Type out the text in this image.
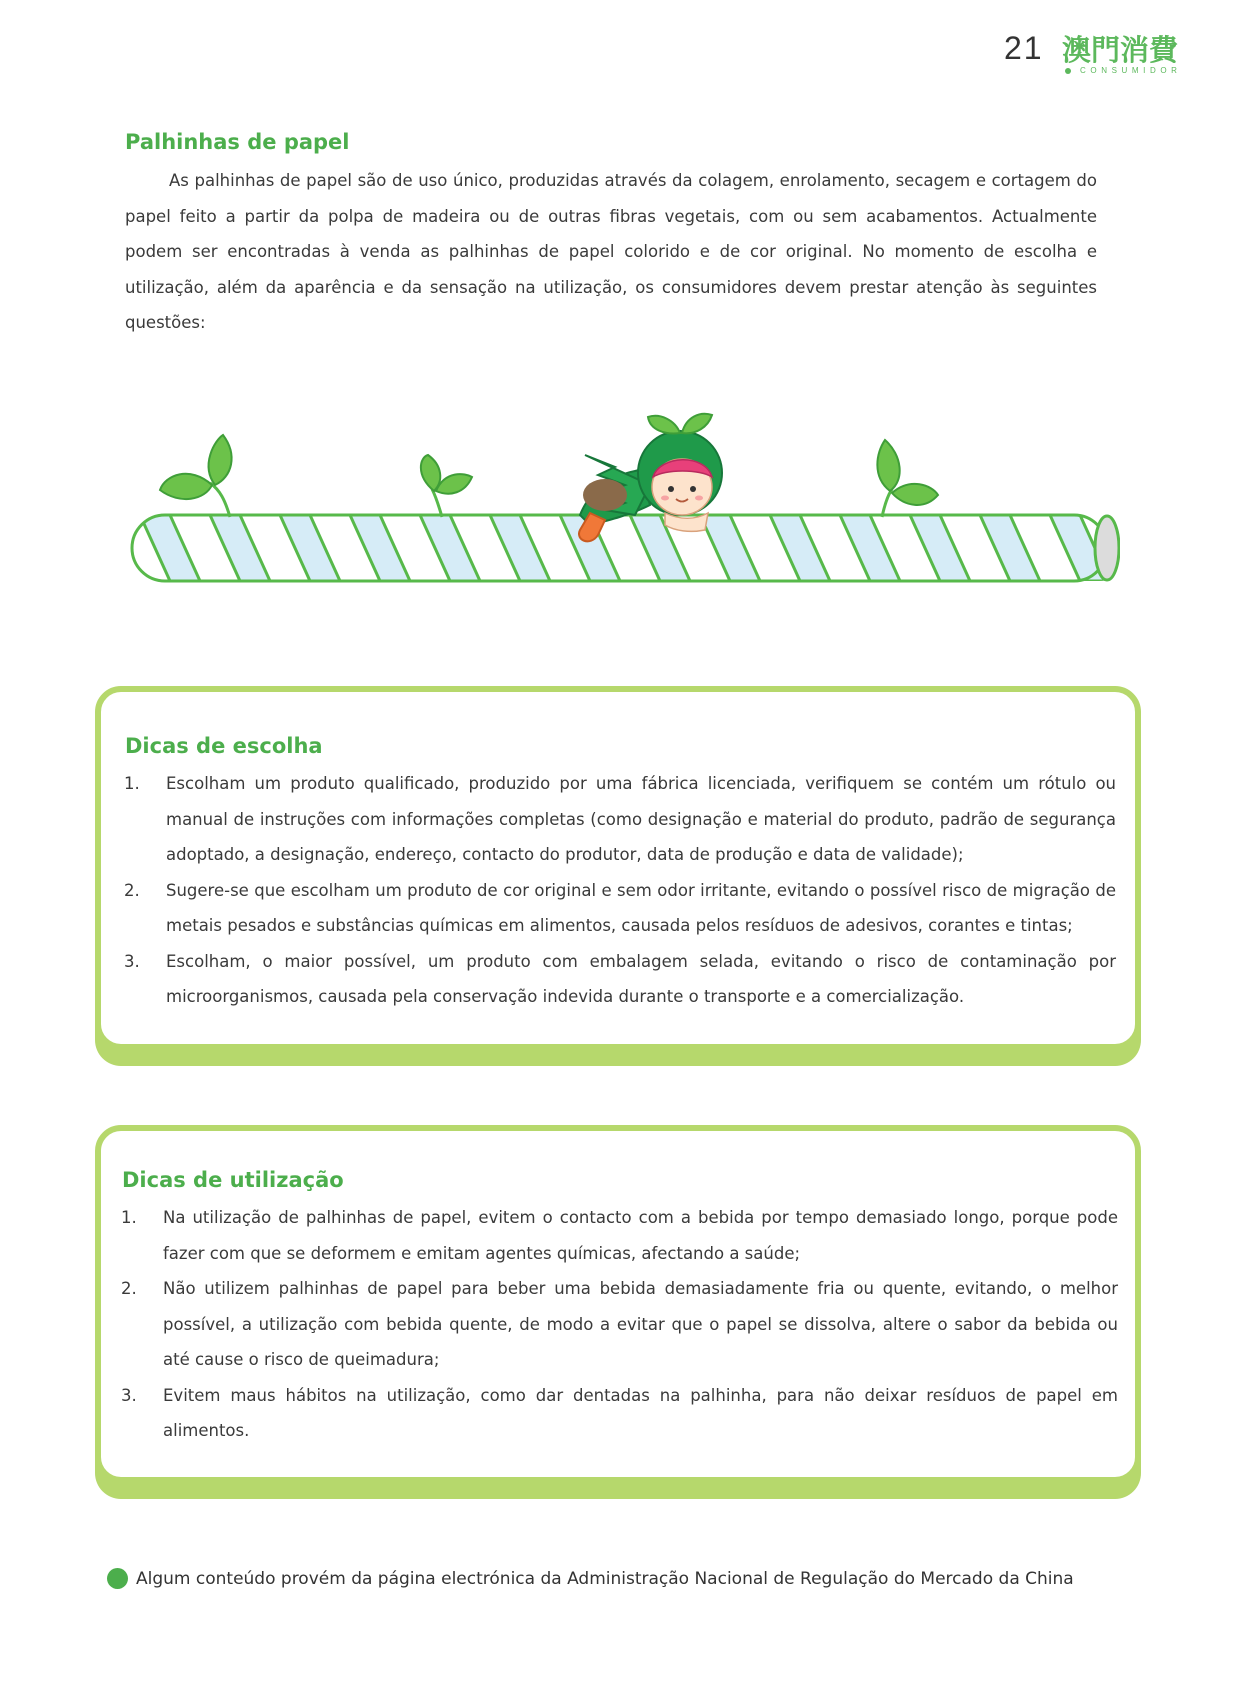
21 澳門消費
CONSUMIDOR
Palhinhas de papel
As palhinhas de papel são de uso único, produzidas através da colagem, enrolamento, secagem e cortagem do papel feito a partir da polpa de madeira ou de outras fibras vegetais, com ou sem acabamentos. Actualmente podem ser encontradas à venda as palhinhas de papel colorido e de cor original. No momento de escolha e utilização, além da aparência e da sensação na utilização, os consumidores devem prestar atenção às seguintes questões:
Dicas de escolha
1. Escolham um produto qualificado, produzido por uma fábrica licenciada, verifiquem se contém um rótulo ou manual de instruções com informações completas (como designação e material do produto, padrão de segurança adoptado, a designação, endereço, contacto do produtor, data de produção e data de validade);
2. Sugere-se que escolham um produto de cor original e sem odor irritante, evitando o possível risco de migração de metais pesados e substâncias químicas em alimentos, causada pelos resíduos de adesivos, corantes e tintas;
3. Escolham, o maior possível, um produto com embalagem selada, evitando o risco de contaminação por microorganismos, causada pela conservação indevida durante o transporte e a comercialização.
Dicas de utilização
1. Na utilização de palhinhas de papel, evitem o contacto com a bebida por tempo demasiado longo, porque pode fazer com que se deformem e emitam agentes químicas, afectando a saúde;
2. Não utilizem palhinhas de papel para beber uma bebida demasiadamente fria ou quente, evitando, o melhor possível, a utilização com bebida quente, de modo a evitar que o papel se dissolva, altere o sabor da bebida ou até cause o risco de queimadura;
3. Evitem maus hábitos na utilização, como dar dentadas na palhinha, para não deixar resíduos de papel em alimentos.
Algum conteúdo provém da página electrónica da Administração Nacional de Regulação do Mercado da China
